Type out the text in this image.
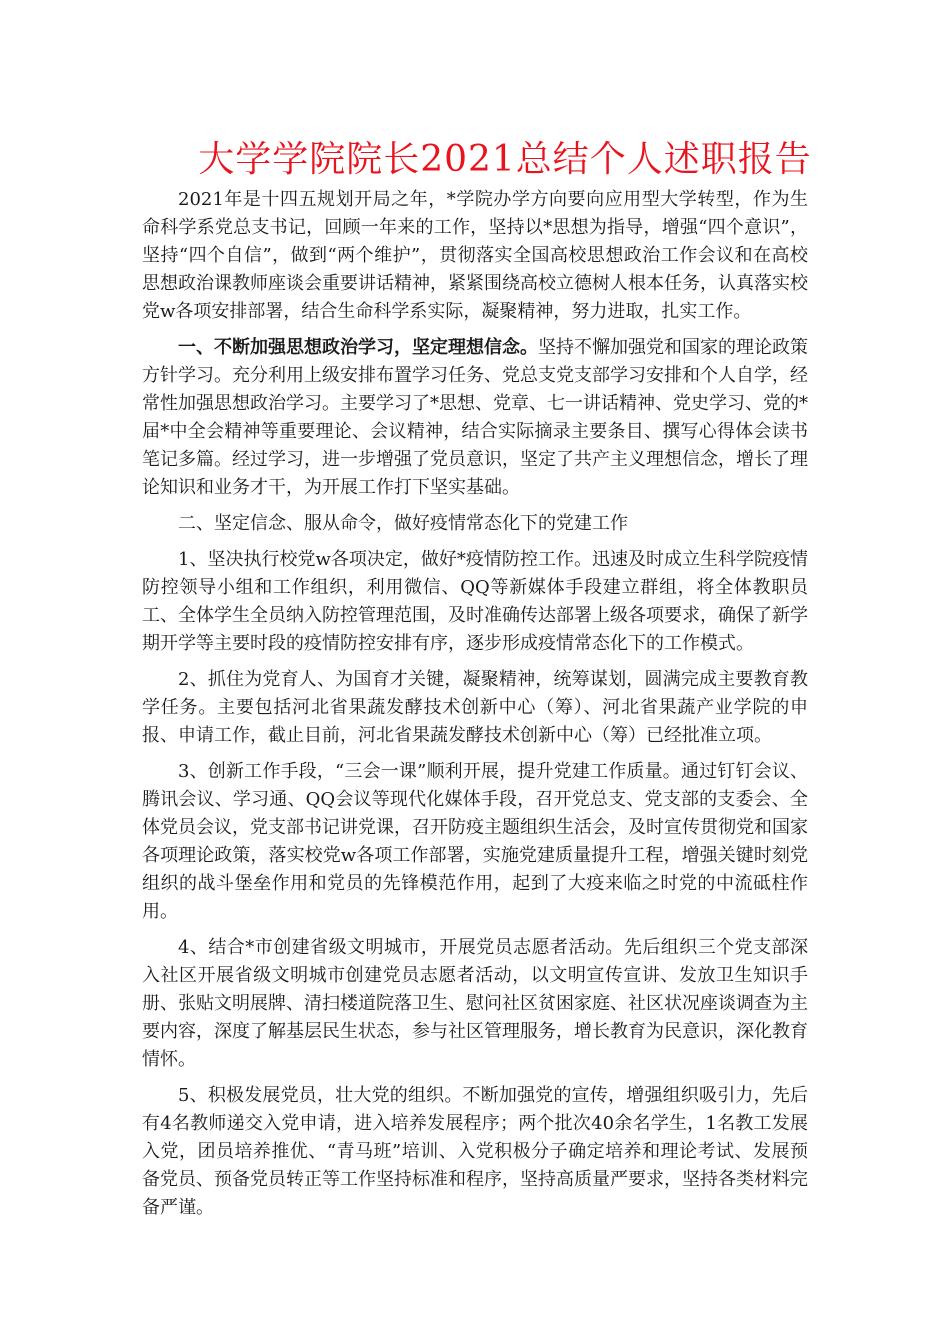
大学学院院长2021总结个人述职报告

2021年是十四五规划开局之年，*学院办学方向要向应用型大学转型，作为生命科学系党总支书记，回顾一年来的工作，坚持以*思想为指导，增强“四个意识”，坚持“四个自信”，做到“两个维护”，贯彻落实全国高校思想政治工作会议和在高校思想政治课教师座谈会重要讲话精神，紧紧围绕高校立德树人根本任务，认真落实校党w各项安排部署，结合生命科学系实际，凝聚精神，努力进取，扎实工作。

一、不断加强思想政治学习，坚定理想信念。坚持不懈加强党和国家的理论政策方针学习。充分利用上级安排布置学习任务、党总支党支部学习安排和个人自学，经常性加强思想政治学习。主要学习了*思想、党章、七一讲话精神、党史学习、党的*届*中全会精神等重要理论、会议精神，结合实际摘录主要条目、撰写心得体会读书笔记多篇。经过学习，进一步增强了党员意识，坚定了共产主义理想信念，增长了理论知识和业务才干，为开展工作打下坚实基础。

二、坚定信念、服从命令，做好疫情常态化下的党建工作

1、坚决执行校党w各项决定，做好*疫情防控工作。迅速及时成立生科学院疫情防控领导小组和工作组织，利用微信、QQ等新媒体手段建立群组，将全体教职员工、全体学生全员纳入防控管理范围，及时准确传达部署上级各项要求，确保了新学期开学等主要时段的疫情防控安排有序，逐步形成疫情常态化下的工作模式。

2、抓住为党育人、为国育才关键，凝聚精神，统筹谋划，圆满完成主要教育教学任务。主要包括河北省果蔬发酵技术创新中心（筹）、河北省果蔬产业学院的申报、申请工作，截止目前，河北省果蔬发酵技术创新中心（筹）已经批准立项。

3、创新工作手段，“三会一课”顺利开展，提升党建工作质量。通过钉钉会议、腾讯会议、学习通、QQ会议等现代化媒体手段，召开党总支、党支部的支委会、全体党员会议，党支部书记讲党课，召开防疫主题组织生活会，及时宣传贯彻党和国家各项理论政策，落实校党w各项工作部署，实施党建质量提升工程，增强关键时刻党组织的战斗堡垒作用和党员的先锋模范作用，起到了大疫来临之时党的中流砥柱作用。

4、结合*市创建省级文明城市，开展党员志愿者活动。先后组织三个党支部深入社区开展省级文明城市创建党员志愿者活动，以文明宣传宣讲、发放卫生知识手册、张贴文明展牌、清扫楼道院落卫生、慰问社区贫困家庭、社区状况座谈调查为主要内容，深度了解基层民生状态，参与社区管理服务，增长教育为民意识，深化教育情怀。

5、积极发展党员，壮大党的组织。不断加强党的宣传，增强组织吸引力，先后有4名教师递交入党申请，进入培养发展程序；两个批次40余名学生，1名教工发展入党，团员培养推优、“青马班”培训、入党积极分子确定培养和理论考试、发展预备党员、预备党员转正等工作坚持标准和程序，坚持高质量严要求，坚持各类材料完备严谨。
